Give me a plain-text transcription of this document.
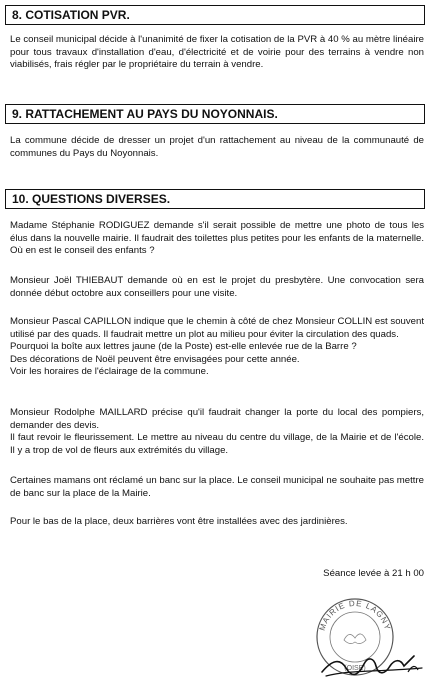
8. COTISATION PVR.
Le conseil municipal décide à l'unanimité de fixer la cotisation de la PVR à 40 % au mètre linéaire pour tous travaux d'installation d'eau, d'électricité et de voirie pour des terrains à vendre non viabilisés, frais régler par le propriétaire du terrain à vendre.
9. RATTACHEMENT AU PAYS DU NOYONNAIS.
La commune décide de dresser un projet d'un rattachement au niveau de la communauté de communes du Pays du Noyonnais.
10. QUESTIONS DIVERSES.
Madame Stéphanie RODIGUEZ demande s'il serait possible de mettre une photo de tous les élus dans la nouvelle mairie. Il faudrait des toilettes plus petites pour les enfants de la maternelle. Où en est le conseil des enfants ?
Monsieur Joël THIEBAUT demande où en est le projet du presbytère. Une convocation sera donnée début octobre aux conseillers pour une visite.
Monsieur Pascal CAPILLON indique que le chemin à côté de chez Monsieur COLLIN est souvent utilisé par des quads. Il faudrait mettre un plot au milieu pour éviter la circulation des quads.
Pourquoi la boîte aux lettres jaune (de la Poste) est-elle enlevée rue de la Barre ?
Des décorations de Noël peuvent être envisagées pour cette année.
Voir les horaires de l'éclairage de la commune.
Monsieur Rodolphe MAILLARD précise qu'il faudrait changer la porte du local des pompiers, demander des devis.
Il faut revoir le fleurissement. Le mettre au niveau du centre du village, de la Mairie et de l'école. Il y a trop de vol de fleurs aux extrémités du village.
Certaines mamans ont réclamé un banc sur la place. Le conseil municipal ne souhaite pas mettre de banc sur la place de la Mairie.
Pour le bas de la place, deux barrières vont être installées avec des jardinières.
Séance levée à 21 h 00
MAIRIE DE LAGNY
(OISE)
